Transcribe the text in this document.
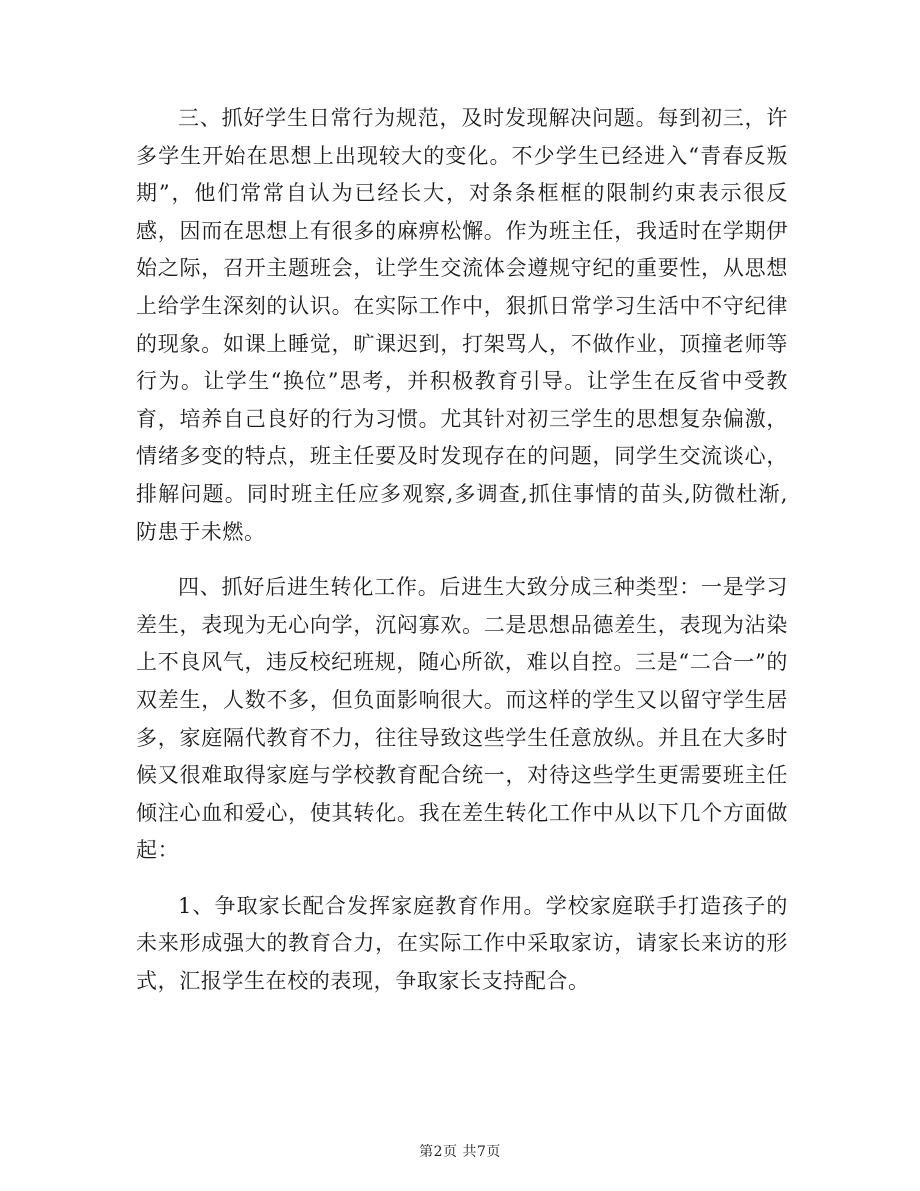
三、抓好学生日常行为规范，及时发现解决问题。每到初三，许多学生开始在思想上出现较大的变化。不少学生已经进入“青春反叛期”，他们常常自认为已经长大，对条条框框的限制约束表示很反感，因而在思想上有很多的麻痹松懈。作为班主任，我适时在学期伊始之际，召开主题班会，让学生交流体会遵规守纪的重要性，从思想上给学生深刻的认识。在实际工作中，狠抓日常学习生活中不守纪律的现象。如课上睡觉，旷课迟到，打架骂人，不做作业，顶撞老师等行为。让学生“换位”思考，并积极教育引导。让学生在反省中受教育，培养自己良好的行为习惯。尤其针对初三学生的思想复杂偏激，情绪多变的特点，班主任要及时发现存在的问题，同学生交流谈心，排解问题。同时班主任应多观察,多调查,抓住事情的苗头,防微杜渐,防患于未燃。

四、抓好后进生转化工作。后进生大致分成三种类型：一是学习差生，表现为无心向学，沉闷寡欢。二是思想品德差生，表现为沾染上不良风气，违反校纪班规，随心所欲，难以自控。三是“二合一”的双差生，人数不多，但负面影响很大。而这样的学生又以留守学生居多，家庭隔代教育不力，往往导致这些学生任意放纵。并且在大多时候又很难取得家庭与学校教育配合统一，对待这些学生更需要班主任倾注心血和爱心，使其转化。我在差生转化工作中从以下几个方面做起：

1、争取家长配合发挥家庭教育作用。学校家庭联手打造孩子的未来形成强大的教育合力，在实际工作中采取家访，请家长来访的形式，汇报学生在校的表现，争取家长支持配合。

第2页 共7页
